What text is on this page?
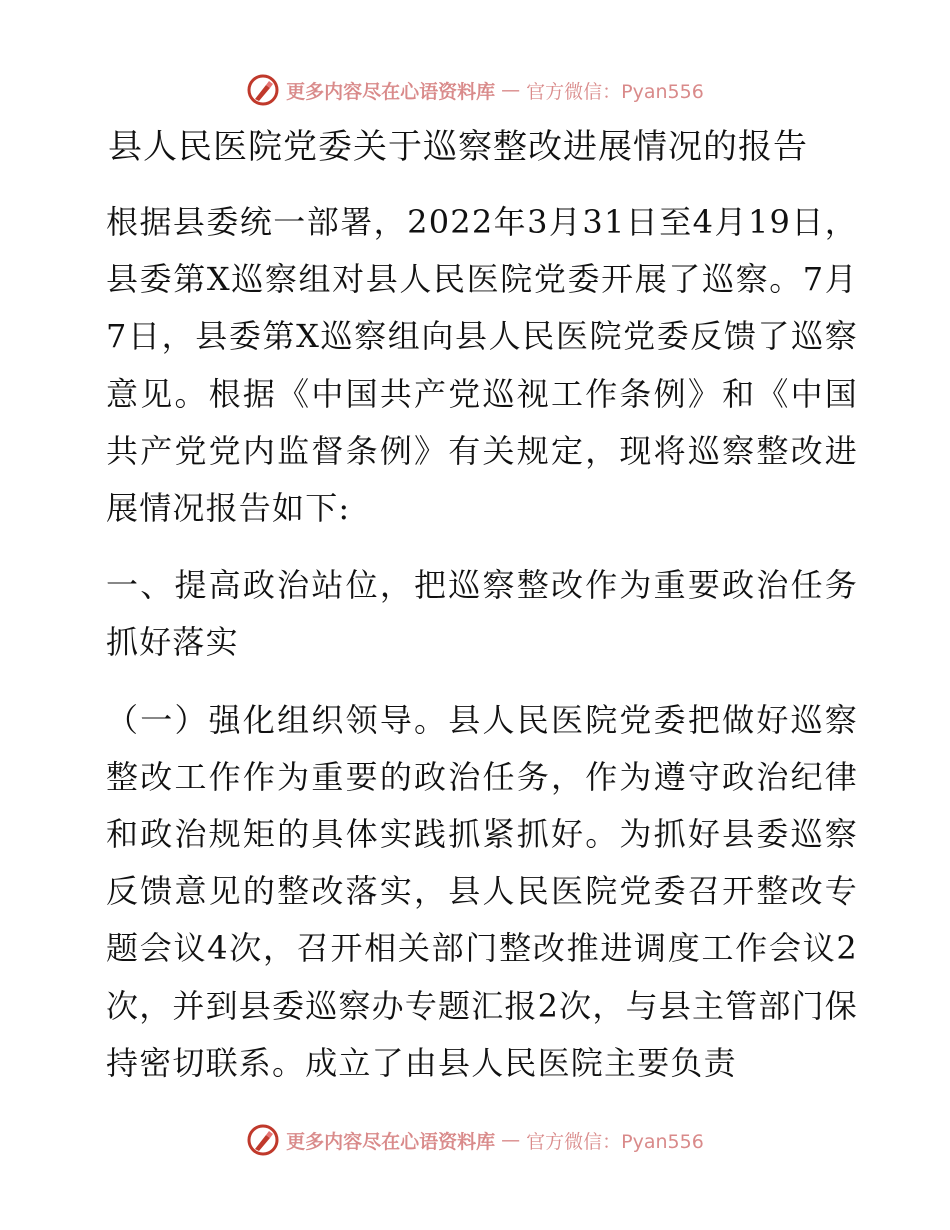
更多内容尽在心语资料库 — 官方微信：Pyan556
县人民医院党委关于巡察整改进展情况的报告

根据县委统一部署，2022年3月31日至4月19日，县委第X巡察组对县人民医院党委开展了巡察。7月7日，县委第X巡察组向县人民医院党委反馈了巡察意见。根据《中国共产党巡视工作条例》和《中国共产党党内监督条例》有关规定，现将巡察整改进展情况报告如下:

一、提高政治站位，把巡察整改作为重要政治任务抓好落实

（一）强化组织领导。县人民医院党委把做好巡察整改工作作为重要的政治任务，作为遵守政治纪律和政治规矩的具体实践抓紧抓好。为抓好县委巡察反馈意见的整改落实，县人民医院党委召开整改专题会议4次，召开相关部门整改推进调度工作会议2次，并到县委巡察办专题汇报2次，与县主管部门保持密切联系。成立了由县人民医院主要负责

更多内容尽在心语资料库 — 官方微信：Pyan556
